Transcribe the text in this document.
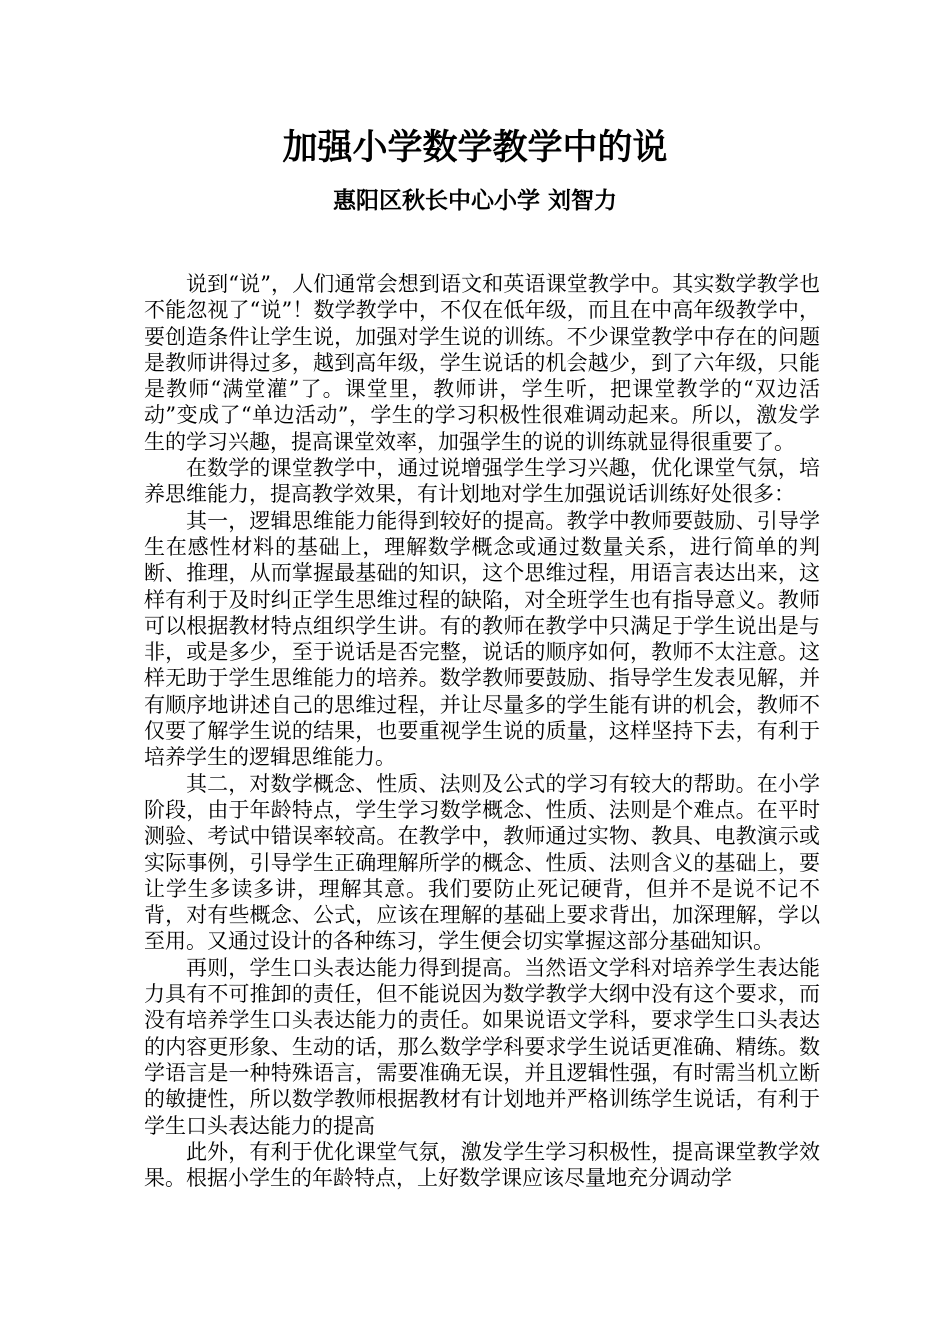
加强小学数学教学中的说
惠阳区秋长中心小学 刘智力

说到“说”，人们通常会想到语文和英语课堂教学中。其实数学教学也不能忽视了“说”！数学教学中，不仅在低年级，而且在中高年级教学中，要创造条件让学生说，加强对学生说的训练。不少课堂教学中存在的问题是教师讲得过多，越到高年级，学生说话的机会越少，到了六年级，只能是教师“满堂灌”了。课堂里，教师讲，学生听，把课堂教学的“双边活动”变成了“单边活动”，学生的学习积极性很难调动起来。所以，激发学生的学习兴趣，提高课堂效率，加强学生的说的训练就显得很重要了。

在数学的课堂教学中，通过说增强学生学习兴趣，优化课堂气氛，培养思维能力，提高教学效果，有计划地对学生加强说话训练好处很多：

其一，逻辑思维能力能得到较好的提高。教学中教师要鼓励、引导学生在感性材料的基础上，理解数学概念或通过数量关系，进行简单的判断、推理，从而掌握最基础的知识，这个思维过程，用语言表达出来，这样有利于及时纠正学生思维过程的缺陷，对全班学生也有指导意义。教师可以根据教材特点组织学生讲。有的教师在教学中只满足于学生说出是与非，或是多少，至于说话是否完整，说话的顺序如何，教师不太注意。这样无助于学生思维能力的培养。数学教师要鼓励、指导学生发表见解，并有顺序地讲述自己的思维过程，并让尽量多的学生能有讲的机会，教师不仅要了解学生说的结果，也要重视学生说的质量，这样坚持下去，有利于培养学生的逻辑思维能力。

其二，对数学概念、性质、法则及公式的学习有较大的帮助。在小学阶段，由于年龄特点，学生学习数学概念、性质、法则是个难点。在平时测验、考试中错误率较高。在教学中，教师通过实物、教具、电教演示或实际事例，引导学生正确理解所学的概念、性质、法则含义的基础上，要让学生多读多讲，理解其意。我们要防止死记硬背，但并不是说不记不背，对有些概念、公式，应该在理解的基础上要求背出，加深理解，学以至用。又通过设计的各种练习，学生便会切实掌握这部分基础知识。

再则，学生口头表达能力得到提高。当然语文学科对培养学生表达能力具有不可推卸的责任，但不能说因为数学教学大纲中没有这个要求，而没有培养学生口头表达能力的责任。如果说语文学科，要求学生口头表达的内容更形象、生动的话，那么数学学科要求学生说话更准确、精练。数学语言是一种特殊语言，需要准确无误，并且逻辑性强，有时需当机立断的敏捷性，所以数学教师根据教材有计划地并严格训练学生说话，有利于学生口头表达能力的提高

此外，有利于优化课堂气氛，激发学生学习积极性，提高课堂教学效果。根据小学生的年龄特点，上好数学课应该尽量地充分调动学
